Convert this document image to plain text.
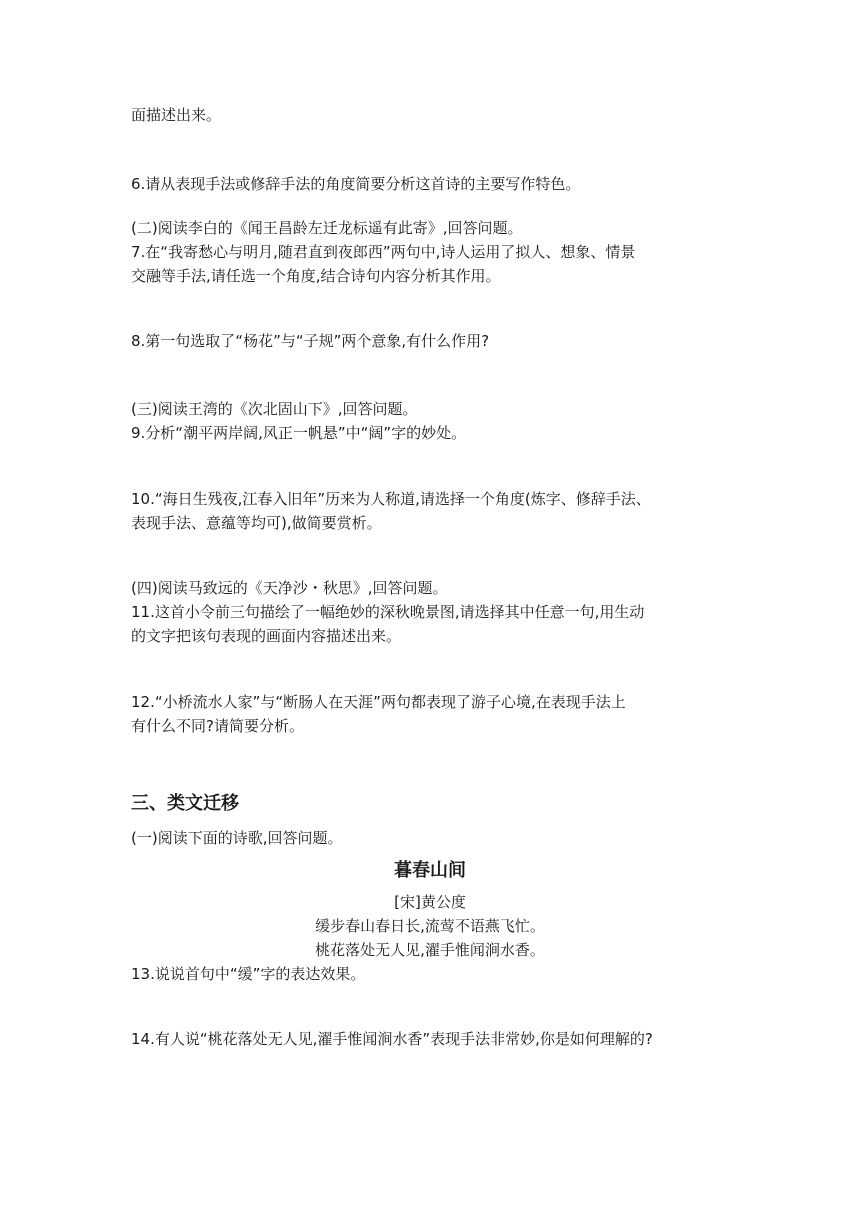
面描述出来。
6.请从表现手法或修辞手法的角度简要分析这首诗的主要写作特色。
(二)阅读李白的《闻王昌龄左迁龙标遥有此寄》,回答问题。
7.在“我寄愁心与明月,随君直到夜郎西”两句中,诗人运用了拟人、想象、情景
交融等手法,请任选一个角度,结合诗句内容分析其作用。
8.第一句选取了“杨花”与“子规”两个意象,有什么作用?
(三)阅读王湾的《次北固山下》,回答问题。
9.分析“潮平两岸阔,风正一帆悬”中“阔”字的妙处。
10.“海日生残夜,江春入旧年”历来为人称道,请选择一个角度(炼字、修辞手法、
表现手法、意蕴等均可),做简要赏析。
(四)阅读马致远的《天净沙・秋思》,回答问题。
11.这首小令前三句描绘了一幅绝妙的深秋晚景图,请选择其中任意一句,用生动
的文字把该句表现的画面内容描述出来。
12.“小桥流水人家”与“断肠人在天涯”两句都表现了游子心境,在表现手法上
有什么不同?请简要分析。
三、类文迁移
(一)阅读下面的诗歌,回答问题。
暮春山间
[宋]黄公度
缓步春山春日长,流莺不语燕飞忙。
桃花落处无人见,濯手惟闻涧水香。
13.说说首句中“缓”字的表达效果。
14.有人说“桃花落处无人见,濯手惟闻涧水香”表现手法非常妙,你是如何理解的?
